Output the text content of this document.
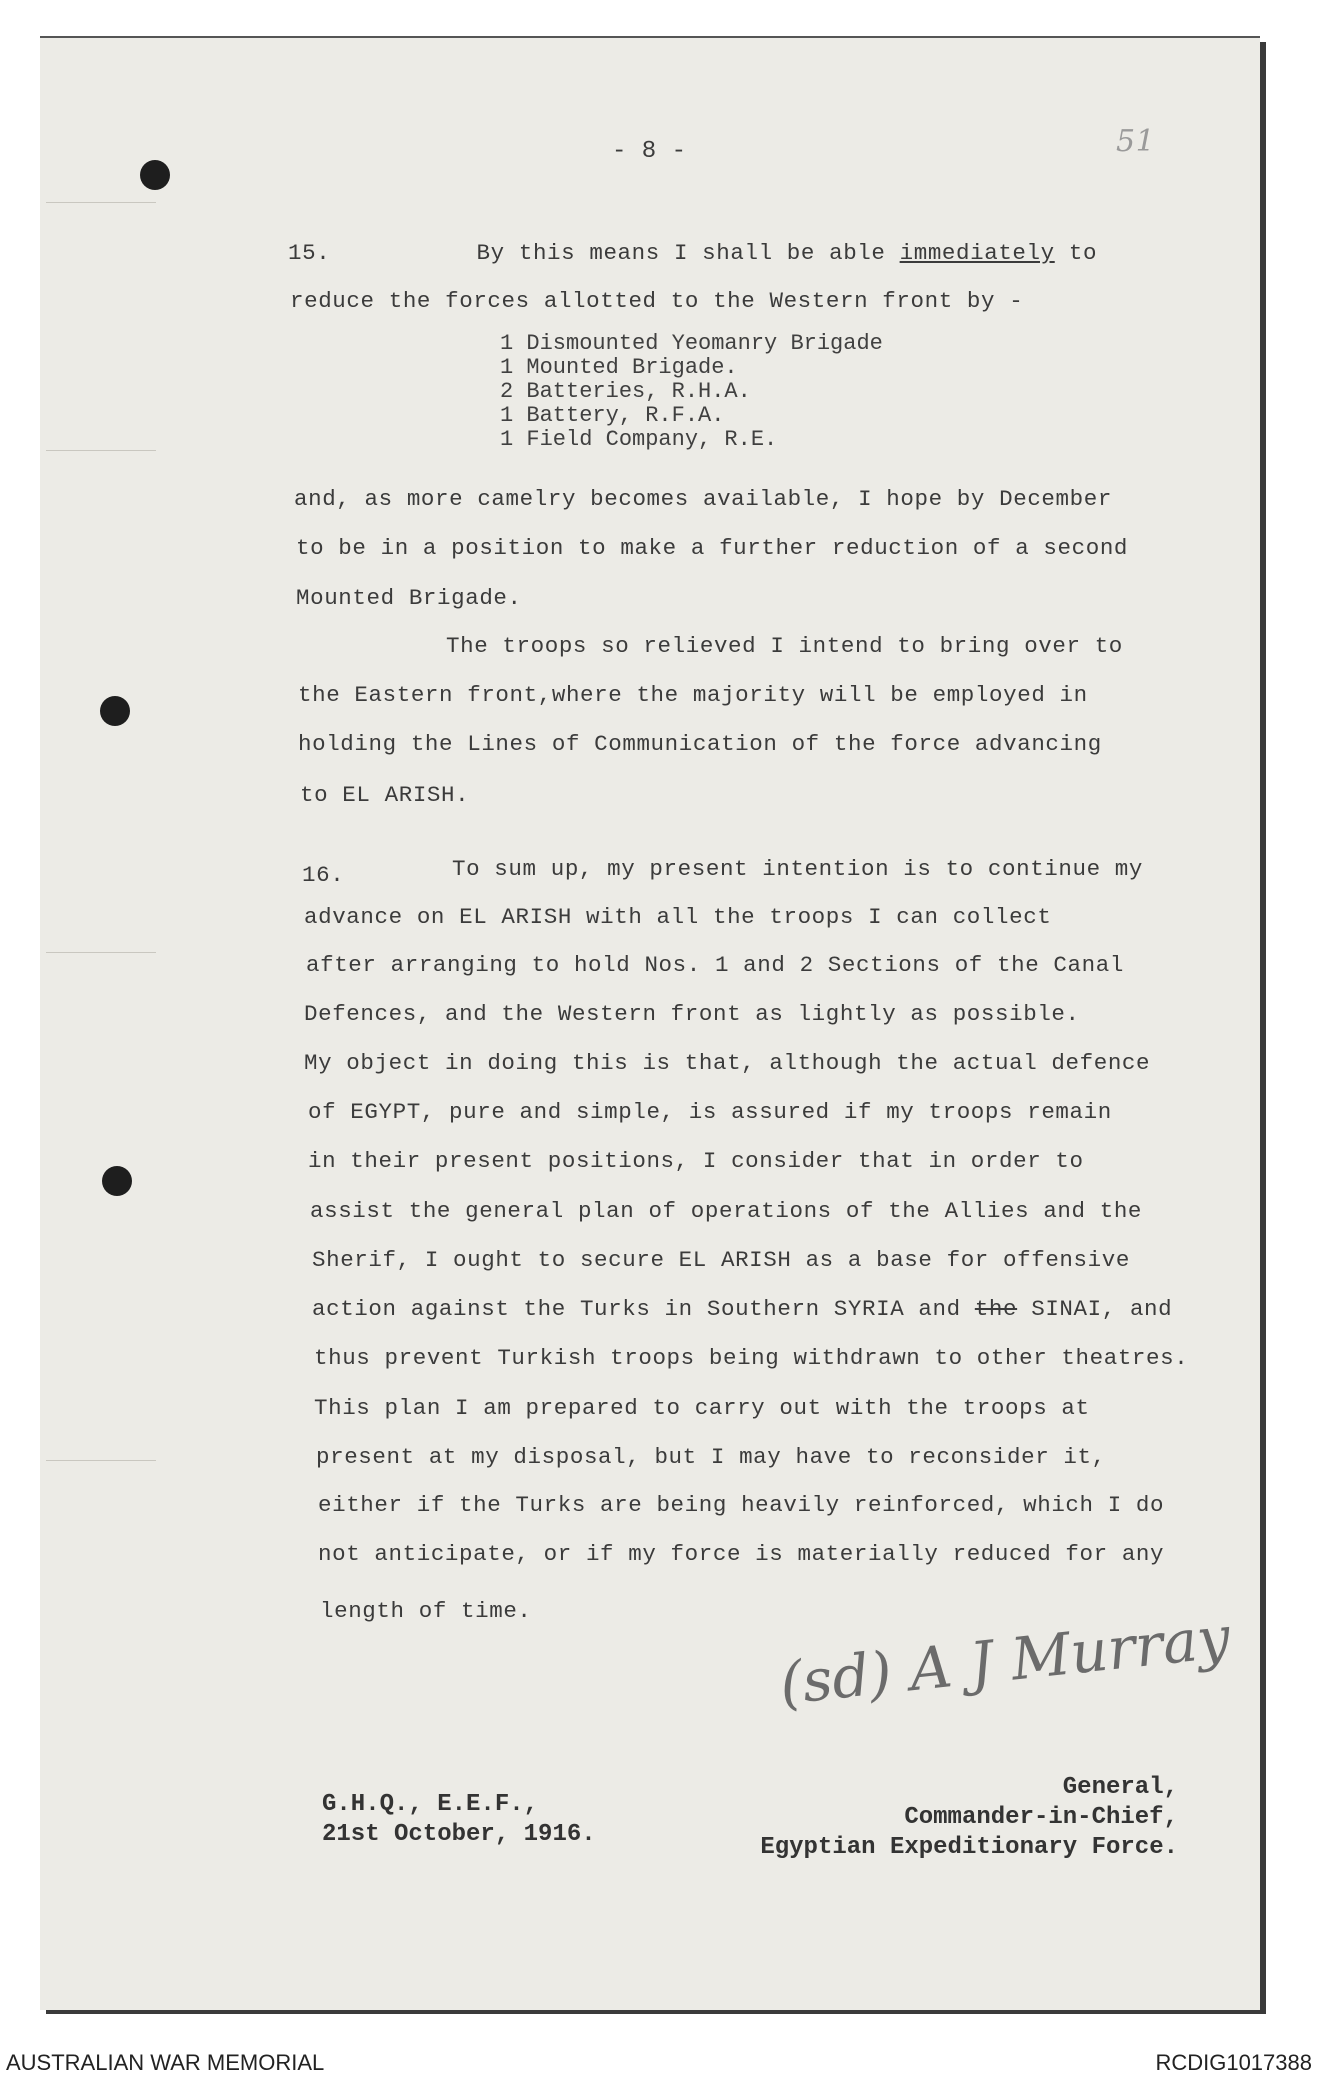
- 8 -	51
15.	By this means I shall be able immediately to
reduce the forces allotted to the Western front by -
1 Dismounted Yeomanry Brigade
1 Mounted Brigade.
2 Batteries, R.H.A.
1 Battery, R.F.A.
1 Field Company, R.E.
and, as more camelry becomes available, I hope by December
to be in a position to make a further reduction of a second
Mounted Brigade.
The troops so relieved I intend to bring over to
the Eastern front,where the majority will be employed in
holding the Lines of Communication of the force advancing
to EL ARISH.
16.	To sum up, my present intention is to continue my
advance on EL ARISH with all the troops I can collect
after arranging to hold Nos. 1 and 2 Sections of the Canal
Defences, and the Western front as lightly as possible.
My object in doing this is that, although the actual defence
of EGYPT, pure and simple, is assured if my troops remain
in their present positions, I consider that in order to
assist the general plan of operations of the Allies and the
Sherif, I ought to secure EL ARISH as a base for offensive
action against the Turks in Southern SYRIA and the SINAI, and
thus prevent Turkish troops being withdrawn to other theatres.
This plan I am prepared to carry out with the troops at
present at my disposal, but I may have to reconsider it,
either if the Turks are being heavily reinforced, which I do
not anticipate, or if my force is materially reduced for any
length of time.	(sd) A J Murray
G.H.Q., E.E.F.,
21st October, 1916.
General,
Commander-in-Chief,
Egyptian Expeditionary Force.
AUSTRALIAN WAR MEMORIAL	RCDIG1017388
